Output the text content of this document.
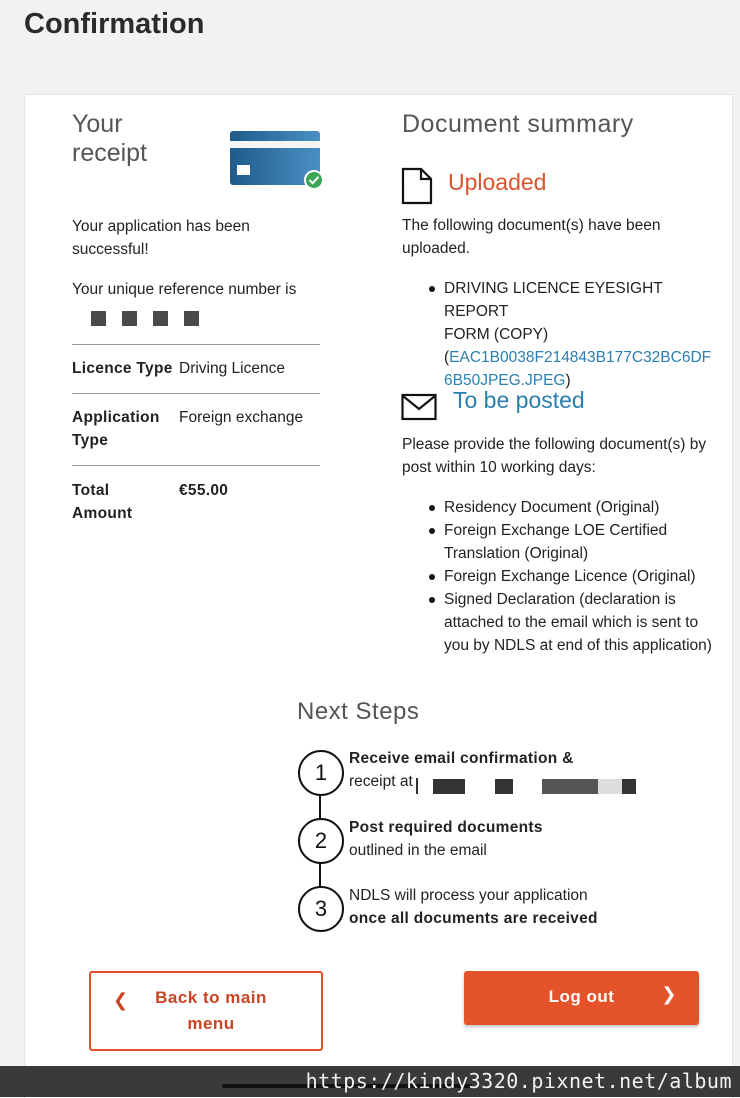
Confirmation
Your
receipt
Your application has been
successful!
Your unique reference number is
Licence Type Driving Licence
Application
Type
Foreign exchange
Total
Amount
€55.00
Document summary
Uploaded
The following document(s) have been
uploaded.
DRIVING LICENCE EYESIGHT REPORT
FORM (COPY)
(EAC1B0038F214843B177C32BC6DF
6B50JPEG.JPEG)
To be posted
Please provide the following document(s) by
post within 10 working days:
Residency Document (Original)
Foreign Exchange LOE Certified Translation (Original)
Foreign Exchange Licence (Original)
Signed Declaration (declaration is attached to the email which is sent to you by NDLS at end of this application)
Next Steps
1
Receive email confirmation &
receipt at
2
Post required documents
outlined in the email
3
NDLS will process your application
once all documents are received
❮	Back to main
menu
Log out	❯
https://kindy3320.pixnet.net/album
